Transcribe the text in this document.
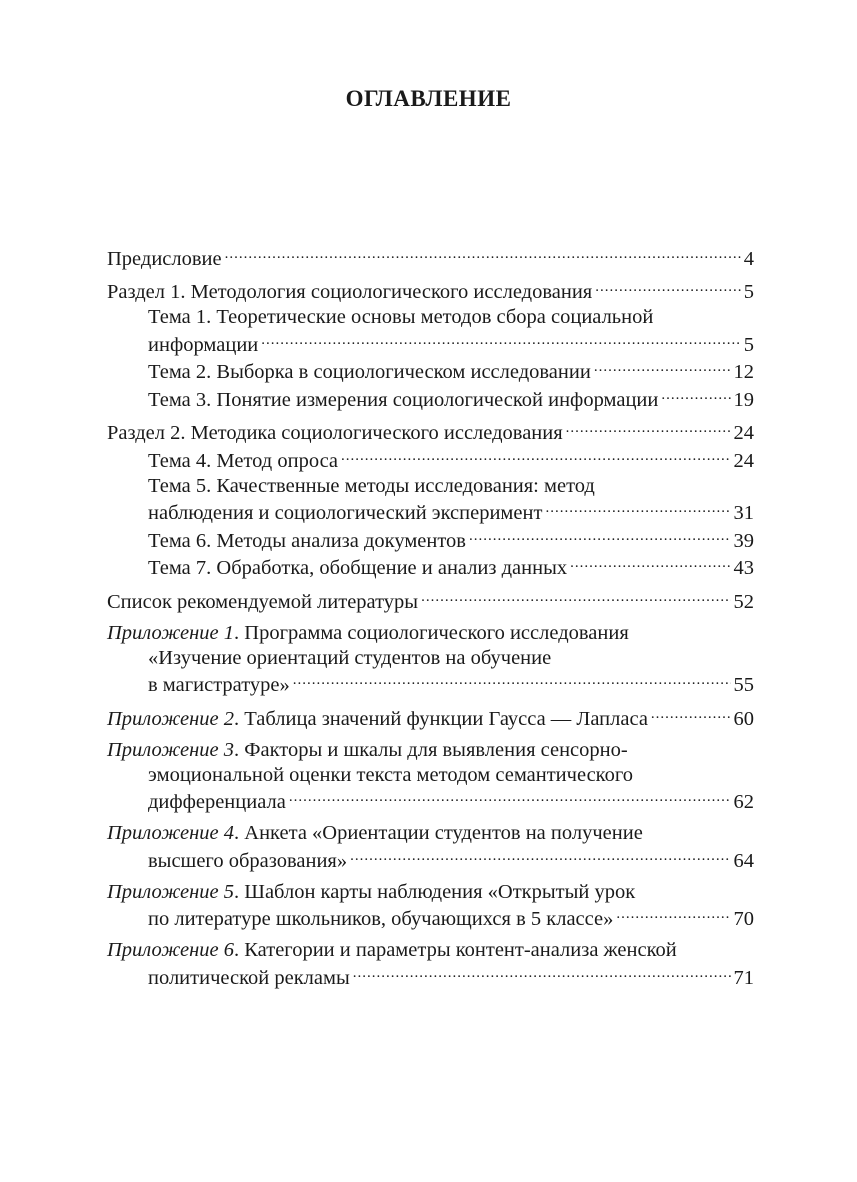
ОГЛАВЛЕНИЕ
Предисловие .....	4
Раздел 1. Методология социологического исследования .....	5
Тема 1. Теоретические основы методов сбора социальной
информации .....	5
Тема 2. Выборка в социологическом исследовании .....	12
Тема 3. Понятие измерения социологической информации .....	19
Раздел 2. Методика социологического исследования .....	24
Тема 4. Метод опроса .....	24
Тема 5. Качественные методы исследования: метод
наблюдения и социологический эксперимент .....	31
Тема 6. Методы анализа документов .....	39
Тема 7. Обработка, обобщение и анализ данных .....	43
Список рекомендуемой литературы .....	52
Приложение 1. Программа социологического исследования
«Изучение ориентаций студентов на обучение
в магистратуре» .....	55
Приложение 2. Таблица значений функции Гаусса — Лапласа .....	60
Приложение 3. Факторы и шкалы для выявления сенсорно-
эмоциональной оценки текста методом семантического
дифференциала .....	62
Приложение 4. Анкета «Ориентации студентов на получение
высшего образования» .....	64
Приложение 5. Шаблон карты наблюдения «Открытый урок
по литературе школьников, обучающихся в 5 классе» .....	70
Приложение 6. Категории и параметры контент-анализа женской
политической рекламы .....	71
